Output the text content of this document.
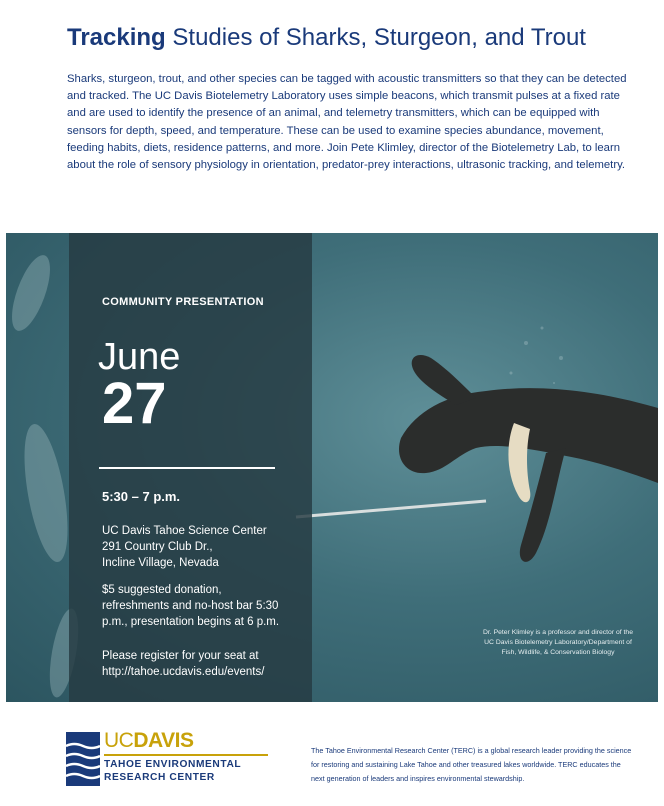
Tracking Studies of Sharks, Sturgeon, and Trout

Sharks, sturgeon, trout, and other species can be tagged with acoustic transmitters so that they can be detected and tracked. The UC Davis Biotelemetry Laboratory uses simple beacons, which transmit pulses at a fixed rate and are used to identify the presence of an animal, and telemetry transmitters, which can be equipped with sensors for depth, speed, and temperature. These can be used to examine species abundance, movement, feeding habits, diets, residence patterns, and more. Join Pete Klimley, director of the Biotelemetry Lab, to learn about the role of sensory physiology in orientation, predator-prey interactions, ultrasonic tracking, and telemetry.

COMMUNITY PRESENTATION
June
27
5:30 – 7 p.m.
UC Davis Tahoe Science Center
291 Country Club Dr.,
Incline Village, Nevada
$5 suggested donation,
refreshments and no-host bar 5:30
p.m., presentation begins at 6 p.m.
Please register for your seat at
http://tahoe.ucdavis.edu/events/
Dr. Peter Klimley is a professor and director of the
UC Davis Biotelemetry Laboratory/Department of
Fish, Wildlife, & Conservation Biology
UCDAVIS
TAHOE ENVIRONMENTAL
RESEARCH CENTER
The Tahoe Environmental Research Center (TERC) is a global research leader providing the science
for restoring and sustaining Lake Tahoe and other treasured lakes worldwide. TERC educates the
next generation of leaders and inspires environmental stewardship.
